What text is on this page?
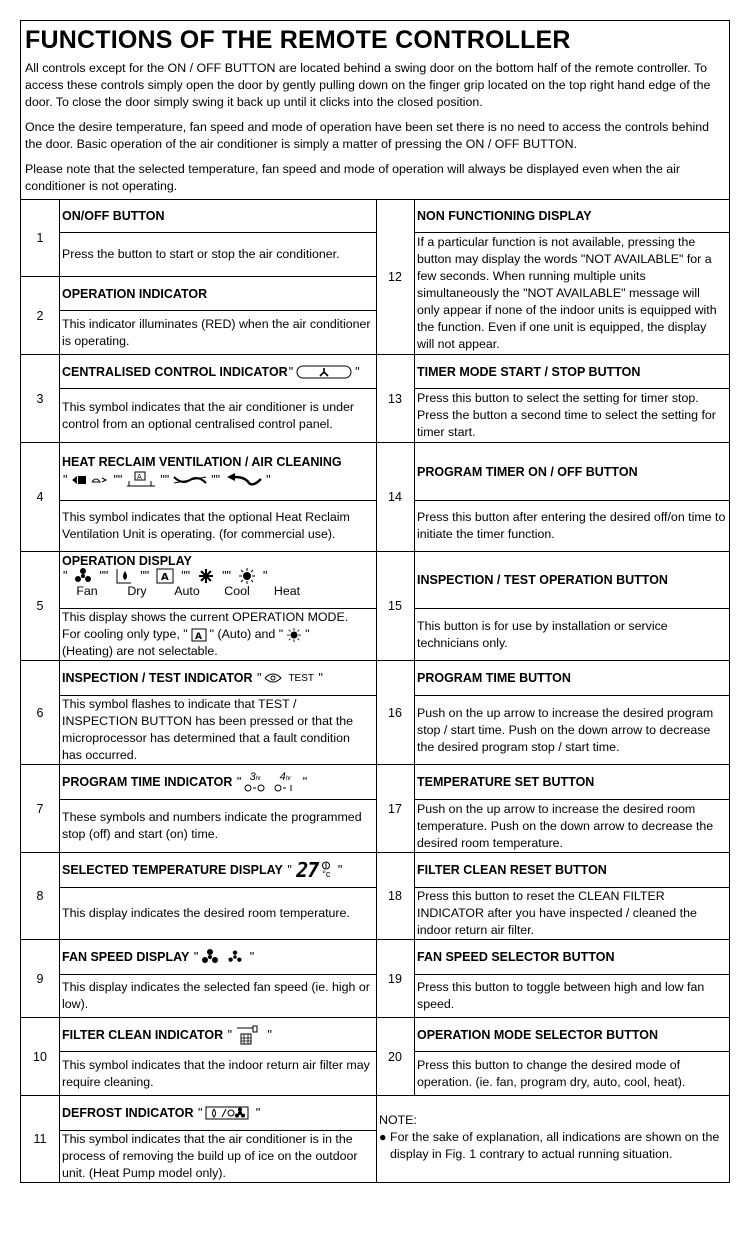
FUNCTIONS OF THE REMOTE CONTROLLER

All controls except for the ON / OFF BUTTON are located behind a swing door on the bottom half of the remote controller. To access these controls simply open the door by gently pulling down on the finger grip located on the top right hand edge of the door. To close the door simply swing it back up until it clicks into the closed position.

Once the desire temperature, fan speed and mode of operation have been set there is no need to access the controls behind the door. Basic operation of the air conditioner is simply a matter of pressing the ON / OFF BUTTON.

Please note that the selected temperature, fan speed and mode of operation will always be displayed even when the air conditioner is not operating.

1
ON/OFF BUTTON
Press the button to start or stop the air conditioner.
2
OPERATION INDICATOR
This indicator illuminates (RED) when the air conditioner is operating.
3
CENTRALISED CONTROL INDICATOR "	"
This symbol indicates that the air conditioner is under control from an optional centralised control panel.
4
HEAT RECLAIM VENTILATION / AIR CLEANING
"	"" A ""	""	"
This symbol indicates that the optional Heat Reclaim Ventilation Unit is operating. (for commercial use).
5
OPERATION DISPLAY
"	""	"" A ""	""	"
Fan	Dry	Auto	Cool	Heat
This display shows the current OPERATION MODE.
For cooling only type, " A " (Auto) and " "
(Heating) are not selectable.
6
INSPECTION / TEST INDICATOR "	TEST "
This symbol flashes to indicate that TEST / INSPECTION BUTTON has been pressed or that the microprocessor has determined that a fault condition has occurred.
7
PROGRAM TIME INDICATOR " 3hr 4hr "
These symbols and numbers indicate the programmed stop (off) and start (on) time.
8
SELECTED TEMPERATURE DISPLAY " 27 °c "
This display indicates the desired room temperature.
9
FAN SPEED DISPLAY "	"
This display indicates the selected fan speed (ie. high or low).
10
FILTER CLEAN INDICATOR "	"
This symbol indicates that the indoor return air filter may require cleaning.
11
DEFROST INDICATOR "	"
This symbol indicates that the air conditioner is in the process of removing the build up of ice on the outdoor unit. (Heat Pump model only).
12
NON FUNCTIONING DISPLAY
If a particular function is not available, pressing the button may display the words "NOT AVAILABLE" for a few seconds. When running multiple units simultaneously the "NOT AVAILABLE" message will only appear if none of the indoor units is equipped with the function. Even if one unit is equipped, the display will not appear.
13
TIMER MODE START / STOP BUTTON
Press this button to select the setting for timer stop. Press the button a second time to select the setting for timer start.
14
PROGRAM TIMER ON / OFF BUTTON
Press this button after entering the desired off/on time to initiate the timer function.
15
INSPECTION / TEST OPERATION BUTTON
This button is for use by installation or service technicians only.
16
PROGRAM TIME BUTTON
Push on the up arrow to increase the desired program stop / start time. Push on the down arrow to decrease the desired program stop / start time.
17
TEMPERATURE SET BUTTON
Push on the up arrow to increase the desired room temperature. Push on the down arrow to decrease the desired room temperature.
18
FILTER CLEAN RESET BUTTON
Press this button to reset the CLEAN FILTER INDICATOR after you have inspected / cleaned the indoor return air filter.
19
FAN SPEED SELECTOR BUTTON
Press this button to toggle between high and low fan speed.
20
OPERATION MODE SELECTOR BUTTON
Press this button to change the desired mode of operation. (ie. fan, program dry, auto, cool, heat).
NOTE:
● For the sake of explanation, all indications are shown on the display in Fig. 1 contrary to actual running situation.
